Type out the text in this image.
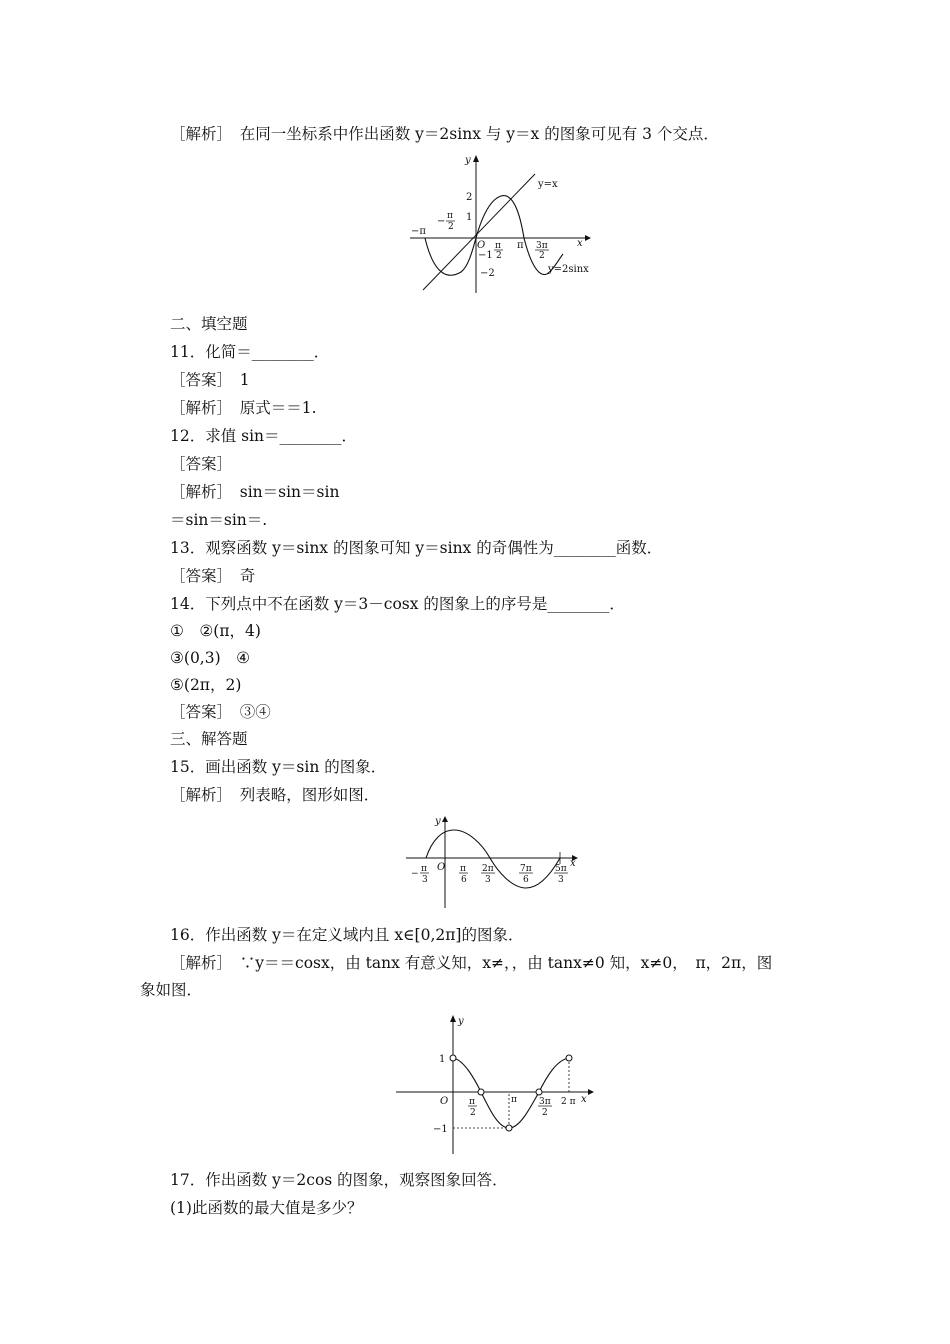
［解析］　在同一坐标系中作出函数 y＝2sinx 与 y＝x 的图象可见有 3 个交点．
y
x
O
2
1
−1
−2
−π
− π
2
π
2
π 3π
2
y=x
y=2sinx
二、填空题
11．化简＝________．
［答案］　1
［解析］　原式＝＝1.
12．求值 sin＝________．
［答案］
［解析］　sin＝sin＝sin
＝sin＝sin＝.
13．观察函数 y＝sinx 的图象可知 y＝sinx 的奇偶性为________函数．
［答案］　奇
14．下列点中不在函数 y＝3－cosx 的图象上的序号是________．
①　②(π，4)
③(0,3)　④
⑤(2π，2)
［答案］　③④
三、解答题
15．画出函数 y＝sin 的图象．
［解析］　列表略，图形如图．
y
x
O
− π
3
π
6
2π
3
7π
6
5π
3
16．作出函数 y＝在定义域内且 x∈[0,2π]的图象．
［解析］　∵y＝＝cosx，由 tanx 有意义知，x≠，，由 tanx≠0 知，x≠0，　π，2π，图
象如图．
y
x
O
1
−1
π
2
π 3π
2
2 π
17．作出函数 y＝2cos 的图象，观察图象回答．
(1)此函数的最大值是多少？
